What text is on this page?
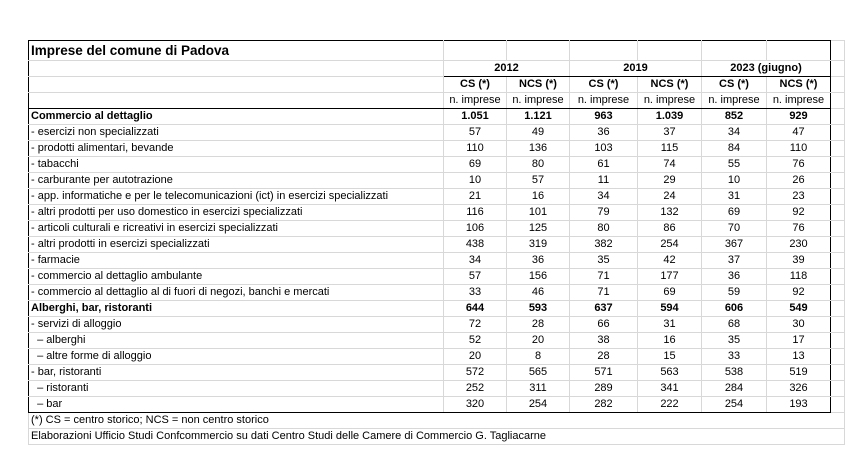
Imprese del comune di Padova							
	2012		2019		2023 (giugno)		
	CS (*)	NCS (*)	CS (*)	NCS (*)	CS (*)	NCS (*)	
	n. imprese	n. imprese	n. imprese	n. imprese	n. imprese	n. imprese	
Commercio al dettaglio	1.051	1.121	963	1.039	852	929	
- esercizi non specializzati	57	49	36	37	34	47	
- prodotti alimentari, bevande	110	136	103	115	84	110	
- tabacchi	69	80	61	74	55	76	
- carburante per autotrazione	10	57	11	29	10	26	
- app. informatiche e per le telecomunicazioni (ict) in esercizi specializzati	21	16	34	24	31	23	
- altri prodotti per uso domestico in esercizi specializzati	116	101	79	132	69	92	
- articoli culturali e ricreativi in esercizi specializzati	106	125	80	86	70	76	
- altri prodotti in esercizi specializzati	438	319	382	254	367	230	
- farmacie	34	36	35	42	37	39	
- commercio al dettaglio ambulante	57	156	71	177	36	118	
- commercio al dettaglio al di fuori di negozi, banchi e mercati	33	46	71	69	59	92	
Alberghi, bar, ristoranti	644	593	637	594	606	549	
- servizi di alloggio	72	28	66	31	68	30	
– alberghi	52	20	38	16	35	17	
– altre forme di alloggio	20	8	28	15	33	13	
- bar, ristoranti	572	565	571	563	538	519	
– ristoranti	252	311	289	341	284	326	
– bar	320	254	282	222	254	193	
(*) CS = centro storico; NCS = non centro storico							
Elaborazioni Ufficio Studi Confcommercio su dati Centro Studi delle Camere di Commercio G. Tagliacarne							
